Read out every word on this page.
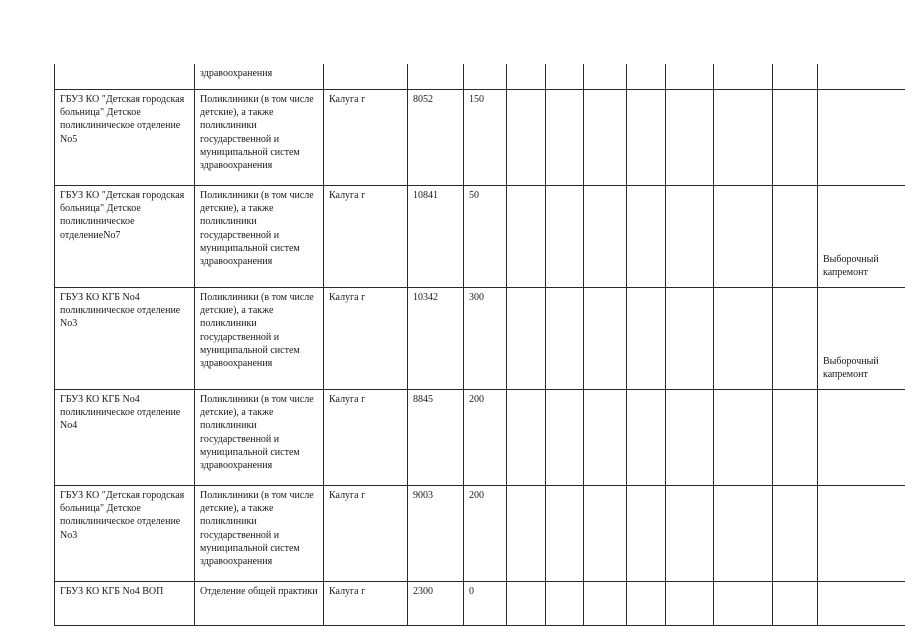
	здравоохранения											
ГБУЗ КО "Детская городская больница" Детское поликлиническое отделение No5	Поликлиники (в том числе детские), а также поликлиники государственной и муниципальной систем здравоохранения	Калуга г	8052	150								
ГБУЗ КО "Детская городская больница" Детское поликлиническое отделениеNo7	Поликлиники (в том числе детские), а также поликлиники государственной и муниципальной систем здравоохранения	Калуга г	10841	50								Выборочный капремонт
ГБУЗ КО КГБ No4 поликлиническое отделение No3	Поликлиники (в том числе детские), а также поликлиники государственной и муниципальной систем здравоохранения	Калуга г	10342	300								Выборочный капремонт
ГБУЗ КО КГБ No4 поликлиническое отделение No4	Поликлиники (в том числе детские), а также поликлиники государственной и муниципальной систем здравоохранения	Калуга г	8845	200								
ГБУЗ КО "Детская городская больница" Детское поликлиническое отделение No3	Поликлиники (в том числе детские), а также поликлиники государственной и муниципальной систем здравоохранения	Калуга г	9003	200								
ГБУЗ КО КГБ No4 ВОП	Отделение общей практики	Калуга г	2300	0								
